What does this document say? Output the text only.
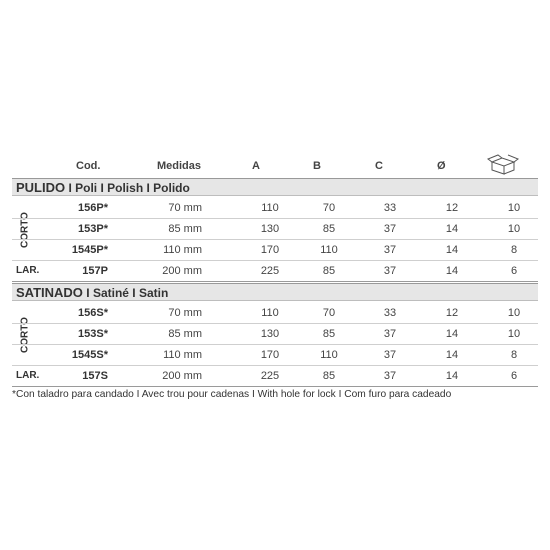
Cod.	Medidas	A	B	C	Ø
PULIDO I Poli I Polish I Polido
CORTO
156P*	70 mm	110	70	33	12	10
153P*	85 mm	130	85	37	14	10
1545P*	110 mm	170	110	37	14	8
LAR.	157P	200 mm	225	85	37	14	6
SATINADO I Satiné I Satin
CORTO
156S*	70 mm	110	70	33	12	10
153S*	85 mm	130	85	37	14	10
1545S*	110 mm	170	110	37	14	8
LAR.	157S	200 mm	225	85	37	14	6
*Con taladro para candado I Avec trou pour cadenas I With hole for lock I Com furo para cadeado
